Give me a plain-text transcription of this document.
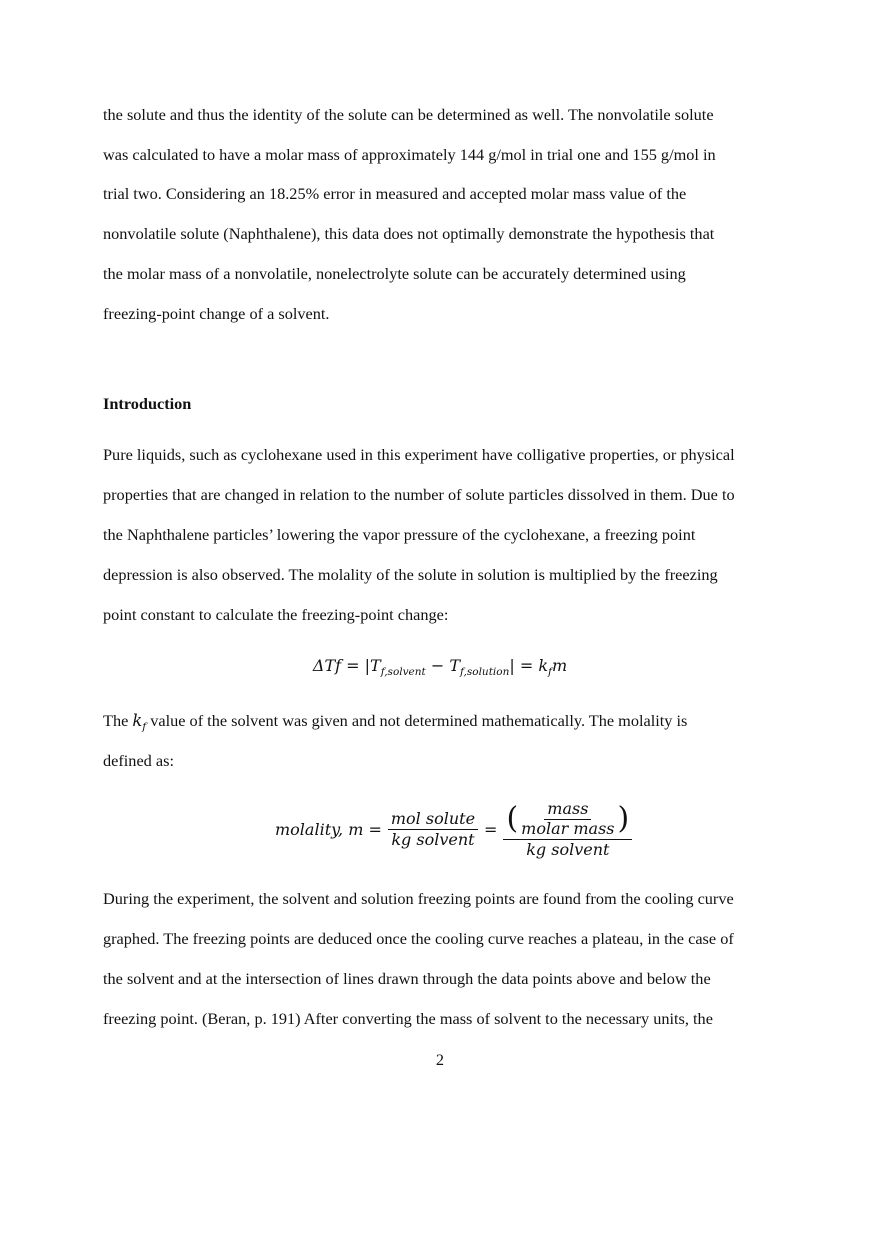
the solute and thus the identity of the solute can be determined as well. The nonvolatile solute
was calculated to have a molar mass of approximately 144 g/mol in trial one and 155 g/mol in
trial two. Considering an 18.25% error in measured and accepted molar mass value of the
nonvolatile solute (Naphthalene), this data does not optimally demonstrate the hypothesis that
the molar mass of a nonvolatile, nonelectrolyte solute can be accurately determined using
freezing-point change of a solvent.
Introduction
Pure liquids, such as cyclohexane used in this experiment have colligative properties, or physical
properties that are changed in relation to the number of solute particles dissolved in them. Due to
the Naphthalene particles’ lowering the vapor pressure of the cyclohexane, a freezing point
depression is also observed. The molality of the solute in solution is multiplied by the freezing
point constant to calculate the freezing-point change:
$\Delta Tf = |T_{f,solvent} - T_{f,solution}| = k_fm$
The $k_f$ value of the solvent was given and not determined mathematically. The molality is
defined as:
molality, $m = \frac{\text{mol solute}}{\text{kg solvent}}$ = ( $\frac{\text{mass}}{\text{molar mass}}$ )
kg solvent
During the experiment, the solvent and solution freezing points are found from the cooling curve
graphed. The freezing points are deduced once the cooling curve reaches a plateau, in the case of
the solvent and at the intersection of lines drawn through the data points above and below the
freezing point. (Beran, p. 191) After converting the mass of solvent to the necessary units, the
2
